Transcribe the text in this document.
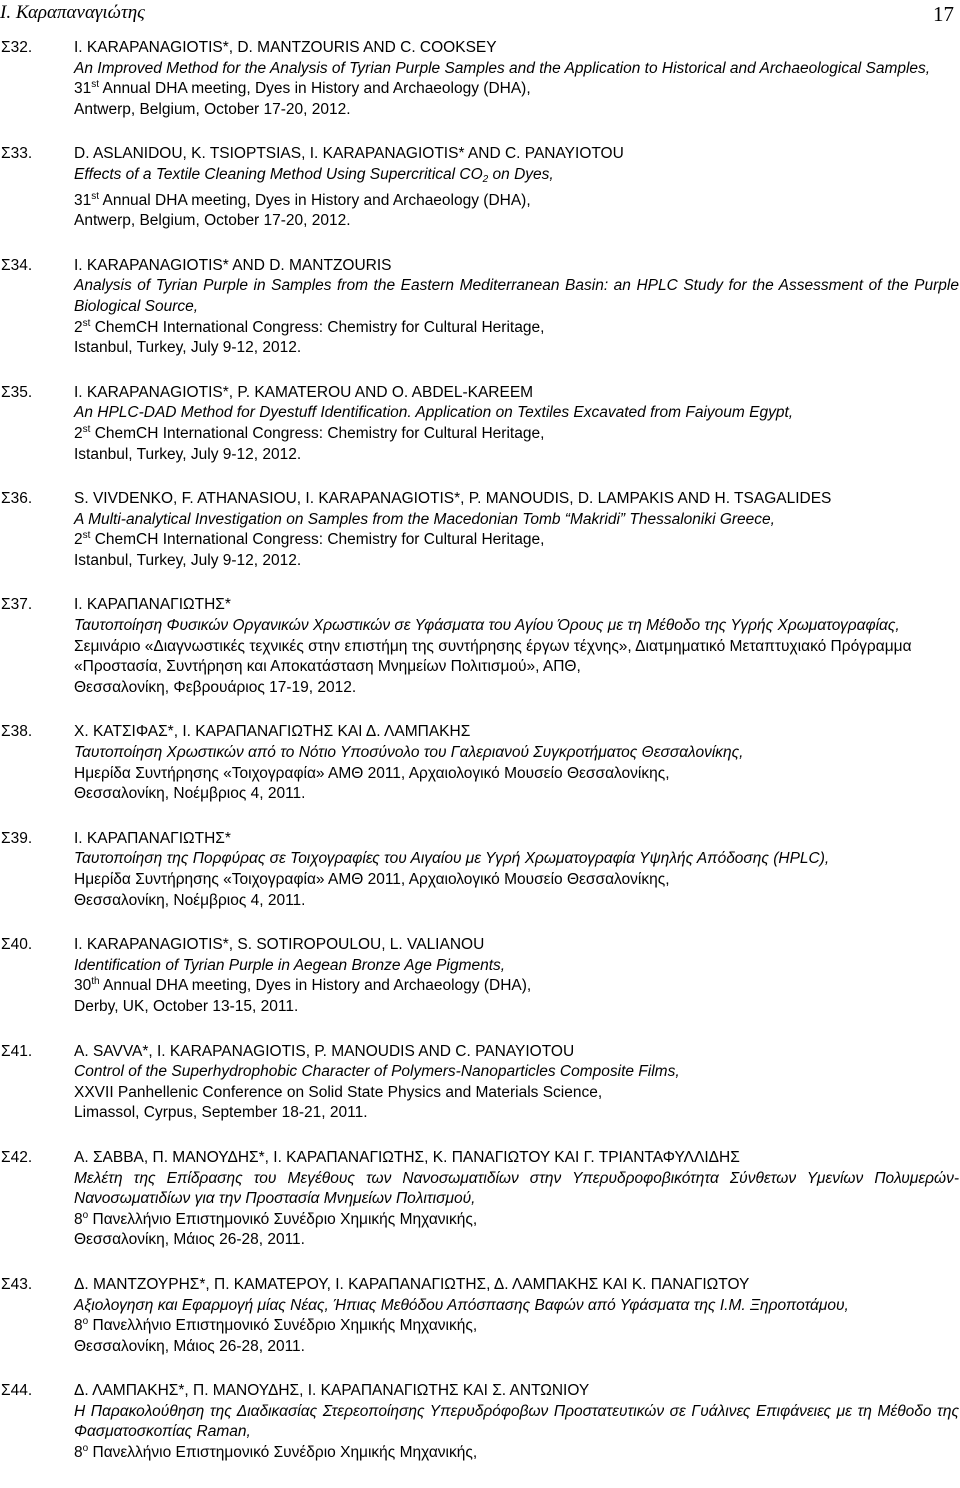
Ι. Καραπαναγιώτης	17
Σ32.	I. KARAPANAGIOTIS*, D. MANTZOURIS AND C. COOKSEY
An Improved Method for the Analysis of Tyrian Purple Samples and the Application to Historical and Archaeological Samples,
31st Annual DHA meeting, Dyes in History and Archaeology (DHA),
Antwerp, Belgium, October 17-20, 2012.
Σ33.	D. ASLANIDOU, K. TSIOPTSIAS, I. KARAPANAGIOTIS* AND C. PANAYIOTOU
Effects of a Textile Cleaning Method Using Supercritical $CO_2$ on Dyes,
31st Annual DHA meeting, Dyes in History and Archaeology (DHA),
Antwerp, Belgium, October 17-20, 2012.
Σ34.	I. KARAPANAGIOTIS* AND D. MANTZOURIS
Analysis of Tyrian Purple in Samples from the Eastern Mediterranean Basin: an HPLC Study for the Assessment of the Purple Biological Source,
2st ChemCH International Congress: Chemistry for Cultural Heritage,
Istanbul, Turkey, July 9-12, 2012.
Σ35.	I. KARAPANAGIOTIS*, P. KAMATEROU AND O. ABDEL-KAREEM
An HPLC-DAD Method for Dyestuff Identification. Application on Textiles Excavated from Faiyoum Egypt,
2st ChemCH International Congress: Chemistry for Cultural Heritage,
Istanbul, Turkey, July 9-12, 2012.
Σ36.	S. VIVDENKO, F. ATHANASIOU, I. KARAPANAGIOTIS*, P. MANOUDIS, D. LAMPAKIS AND H. TSAGALIDES
A Multi-analytical Investigation on Samples from the Macedonian Tomb “Makridi” Thessaloniki Greece,
2st ChemCH International Congress: Chemistry for Cultural Heritage,
Istanbul, Turkey, July 9-12, 2012.
Σ37.	Ι. ΚΑΡΑΠΑΝΑΓΙΩΤΗΣ*
Ταυτοποίηση Φυσικών Οργανικών Χρωστικών σε Υφάσματα του Αγίου Όρους με τη Μέθοδο της Υγρής Χρωματογραφίας,
Σεμινάριο «Διαγνωστικές τεχνικές στην επιστήμη της συντήρησης έργων τέχνης», Διατμηματικό Μεταπτυχιακό Πρόγραμμα «Προστασία, Συντήρηση και Αποκατάσταση Μνημείων Πολιτισμού», ΑΠΘ,
Θεσσαλονίκη, Φεβρουάριος 17-19, 2012.
Σ38.	Χ. ΚΑΤΣΙΦΑΣ*, Ι. ΚΑΡΑΠΑΝΑΓΙΩΤΗΣ ΚΑΙ Δ. ΛΑΜΠΑΚΗΣ
Ταυτοποίηση Χρωστικών από το Νότιο Υποσύνολο του Γαλεριανού Συγκροτήματος Θεσσαλονίκης,
Ημερίδα Συντήρησης «Τοιχογραφία» ΑΜΘ 2011, Αρχαιολογικό Μουσείο Θεσσαλονίκης,
Θεσσαλονίκη, Νοέμβριος 4, 2011.
Σ39.	Ι. ΚΑΡΑΠΑΝΑΓΙΩΤΗΣ*
Ταυτοποίηση της Πορφύρας σε Τοιχογραφίες του Αιγαίου με Υγρή Χρωματογραφία Υψηλής Απόδοσης (HPLC),
Ημερίδα Συντήρησης «Τοιχογραφία» ΑΜΘ 2011, Αρχαιολογικό Μουσείο Θεσσαλονίκης,
Θεσσαλονίκη, Νοέμβριος 4, 2011.
Σ40.	I. KARAPANAGIOTIS*, S. SOTIROPOULOU, L. VALIANOU
Identification of Tyrian Purple in Aegean Bronze Age Pigments,
30th Annual DHA meeting, Dyes in History and Archaeology (DHA),
Derby, UK, October 13-15, 2011.
Σ41.	A. SAVVA*, I. KARAPANAGIOTIS, P. MANOUDIS AND C. PANAYIOTOU
Control of the Superhydrophobic Character of Polymers-Nanoparticles Composite Films,
XXVII Panhellenic Conference on Solid State Physics and Materials Science,
Limassol, Cyrpus, September 18-21, 2011.
Σ42.	Α. ΣΑΒΒΑ, Π. ΜΑΝΟΥΔΗΣ*, Ι. ΚΑΡΑΠΑΝΑΓΙΩΤΗΣ, Κ. ΠΑΝΑΓΙΩΤΟΥ ΚΑΙ Γ. ΤΡΙΑΝΤΑΦΥΛΛΙΔΗΣ
Μελέτη της Επίδρασης του Μεγέθους των Νανοσωματιδίων στην Υπερυδροφοβικότητα Σύνθετων Υμενίων Πολυμερών-Νανοσωματιδίων για την Προστασία Μνημείων Πολιτισμού,
$8^o$ Πανελλήνιο Επιστημονικό Συνέδριο Χημικής Μηχανικής,
Θεσσαλονίκη, Μάιος 26-28, 2011.
Σ43.	Δ. ΜΑΝΤΖΟΥΡΗΣ*, Π. ΚΑΜΑΤΕΡΟΥ, Ι. ΚΑΡΑΠΑΝΑΓΙΩΤΗΣ, Δ. ΛΑΜΠΑΚΗΣ ΚΑΙ Κ. ΠΑΝΑΓΙΩΤΟΥ
Αξιολογηση και Εφαρμογή μίας Νέας, Ήπιας Μεθόδου Απόσπασης Βαφών από Υφάσματα της Ι.Μ. Ξηροποτάμου,
$8^o$ Πανελλήνιο Επιστημονικό Συνέδριο Χημικής Μηχανικής,
Θεσσαλονίκη, Μάιος 26-28, 2011.
Σ44.	Δ. ΛΑΜΠΑΚΗΣ*, Π. ΜΑΝΟΥΔΗΣ, Ι. ΚΑΡΑΠΑΝΑΓΙΩΤΗΣ ΚΑΙ Σ. ΑΝΤΩΝΙΟΥ
Η Παρακολούθηση της Διαδικασίας Στερεοποίησης Υπερυδρόφοβων Προστατευτικών σε Γυάλινες Επιφάνειες με τη Μέθοδο της Φασματοσκοπίας Raman,
$8^o$ Πανελλήνιο Επιστημονικό Συνέδριο Χημικής Μηχανικής,
